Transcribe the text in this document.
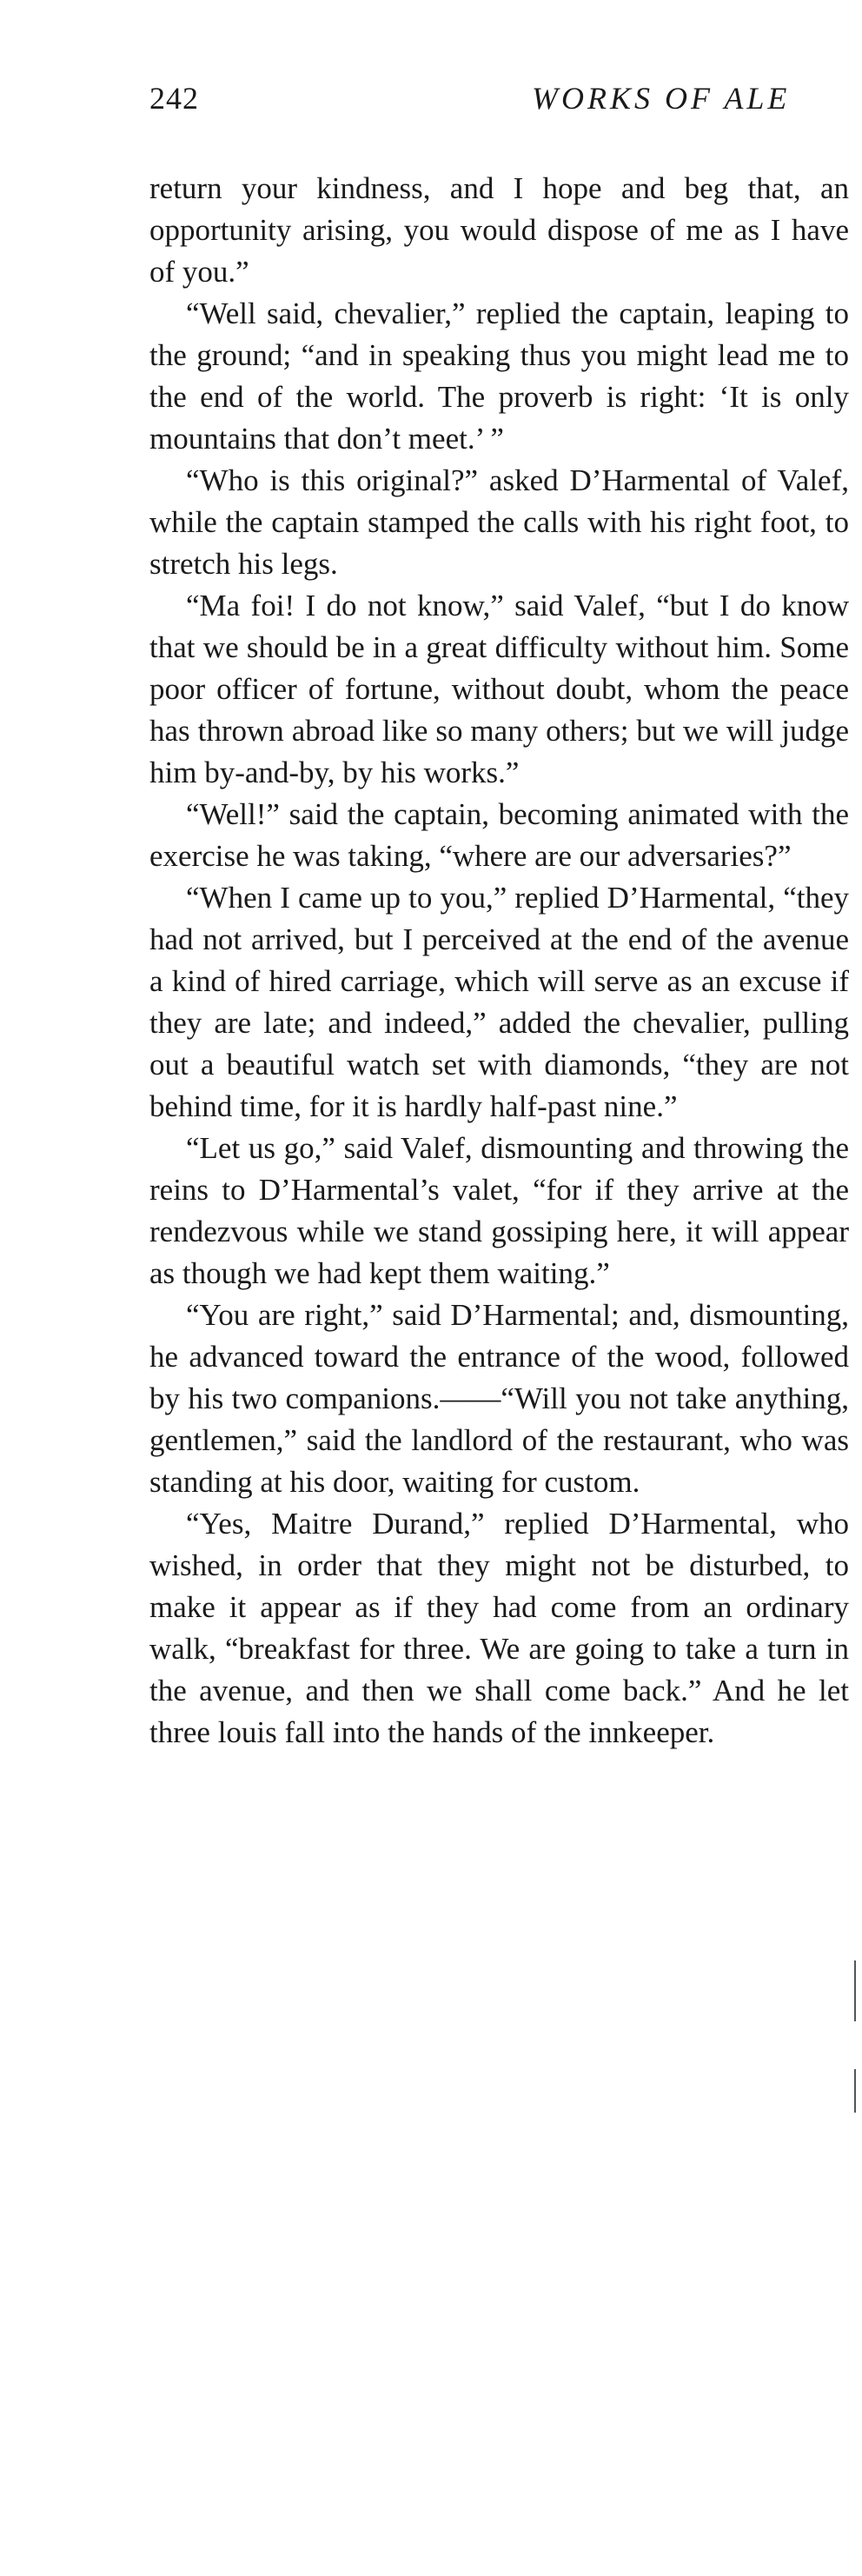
242	WORKS OF ALE

return your kindness, and I hope and beg that, an opportunity arising, you would dispose of me as I have of you.”

“Well said, chevalier,” replied the captain, leaping to the ground; “and in speaking thus you might lead me to the end of the world. The proverb is right: ‘It is only mountains that don’t meet.’ ”

“Who is this original?” asked D’Harmental of Valef, while the captain stamped the calls with his right foot, to stretch his legs.

“Ma foi! I do not know,” said Valef, “but I do know that we should be in a great difficulty without him. Some poor officer of fortune, without doubt, whom the peace has thrown abroad like so many others; but we will judge him by-and-by, by his works.”

“Well!” said the captain, becoming animated with the exercise he was taking, “where are our adversaries?”

“When I came up to you,” replied D’Harmental, “they had not arrived, but I perceived at the end of the avenue a kind of hired carriage, which will serve as an excuse if they are late; and indeed,” added the chevalier, pulling out a beautiful watch set with diamonds, “they are not behind time, for it is hardly half-past nine.”

“Let us go,” said Valef, dismounting and throwing the reins to D’Harmental’s valet, “for if they arrive at the rendezvous while we stand gossiping here, it will appear as though we had kept them waiting.”

“You are right,” said D’Harmental; and, dismounting, he advanced toward the entrance of the wood, followed by his two companions.——“Will you not take anything, gentlemen,” said the landlord of the restaurant, who was standing at his door, waiting for custom.

“Yes, Maitre Durand,” replied D’Harmental, who wished, in order that they might not be disturbed, to make it appear as if they had come from an ordinary walk, “breakfast for three. We are going to take a turn in the avenue, and then we shall come back.” And he let three louis fall into the hands of the innkeeper.
